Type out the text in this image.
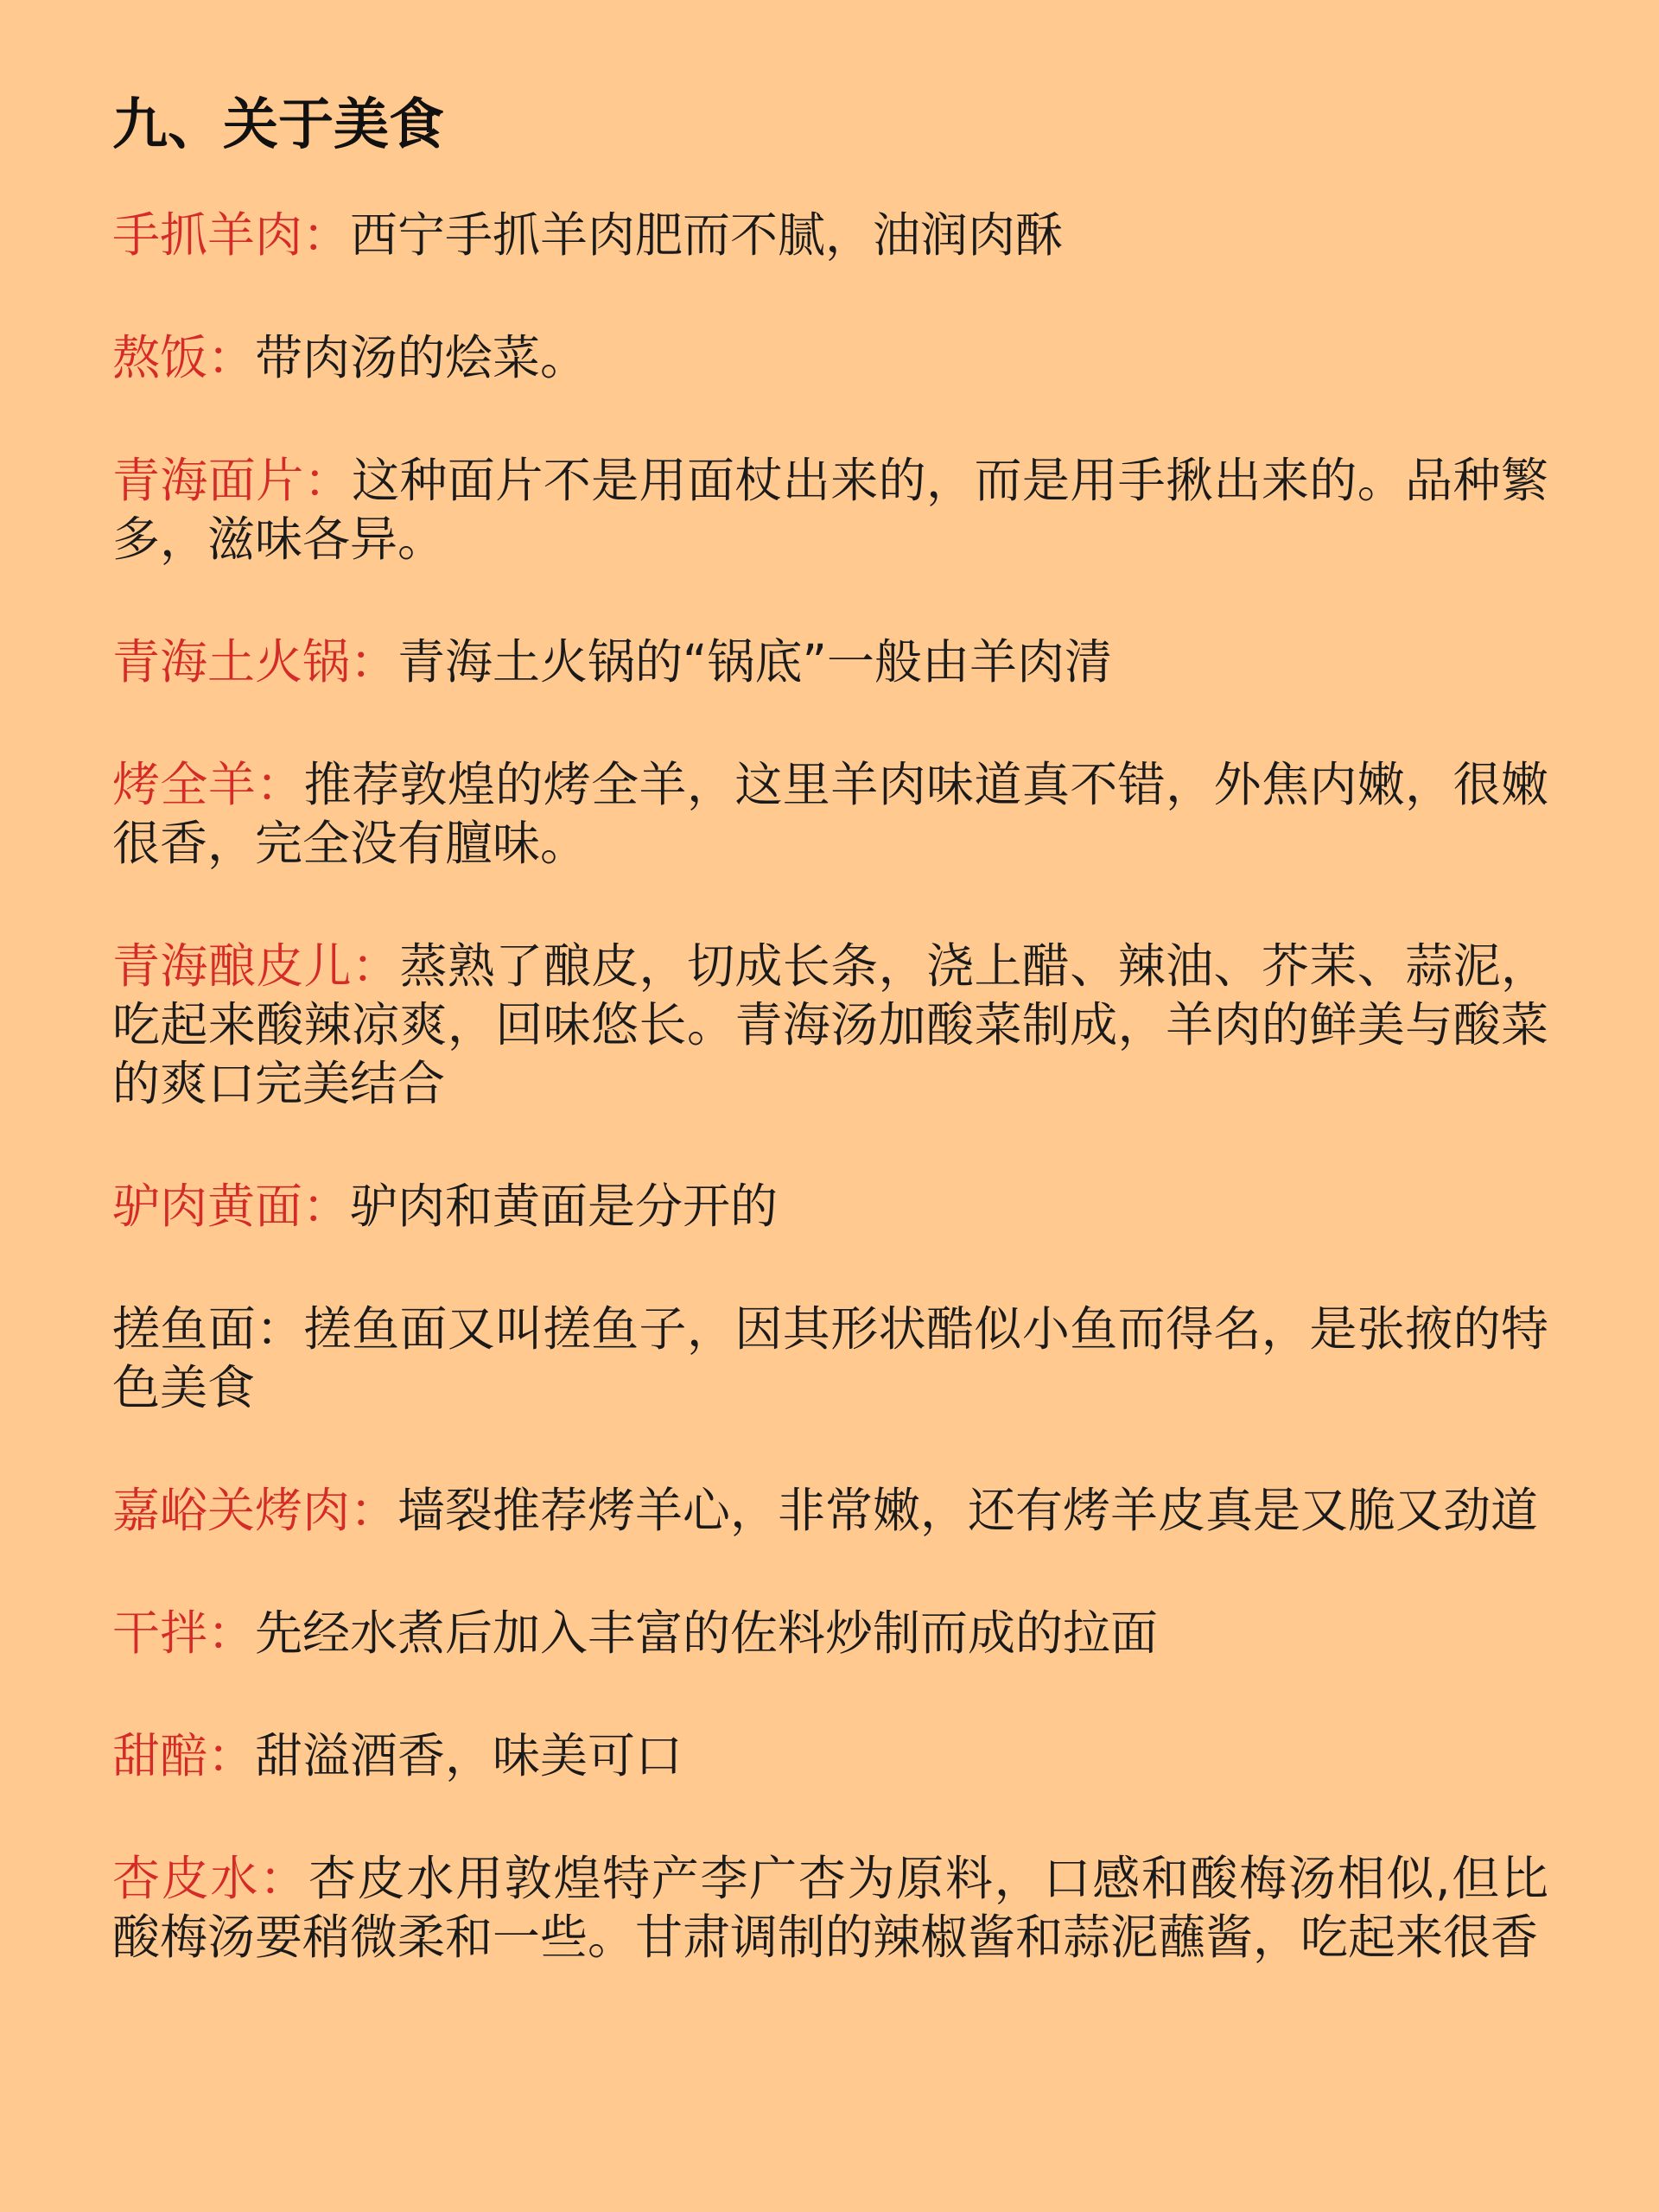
九、关于美食
手抓羊肉：西宁手抓羊肉肥而不腻，油润肉酥
熬饭：带肉汤的烩菜。
青海面片：这种面片不是用面杖出来的，而是用手揪出来的。品种繁多，滋味各异。
青海土火锅：青海土火锅的“锅底”一般由羊肉清
烤全羊：推荐敦煌的烤全羊，这里羊肉味道真不错，外焦内嫩，很嫩很香，完全没有膻味。
青海酿皮儿：蒸熟了酿皮，切成长条，浇上醋、辣油、芥茉、蒜泥，吃起来酸辣凉爽，回味悠长。青海汤加酸菜制成，羊肉的鲜美与酸菜的爽口完美结合
驴肉黄面：驴肉和黄面是分开的
搓鱼面：搓鱼面又叫搓鱼子，因其形状酷似小鱼而得名，是张掖的特色美食
嘉峪关烤肉：墙裂推荐烤羊心，非常嫩，还有烤羊皮真是又脆又劲道
干拌：先经水煮后加入丰富的佐料炒制而成的拉面
甜醅：甜溢酒香，味美可口
杏皮水：杏皮水用敦煌特产李广杏为原料，口感和酸梅汤相似,但比酸梅汤要稍微柔和一些。甘肃调制的辣椒酱和蒜泥蘸酱，吃起来很香
